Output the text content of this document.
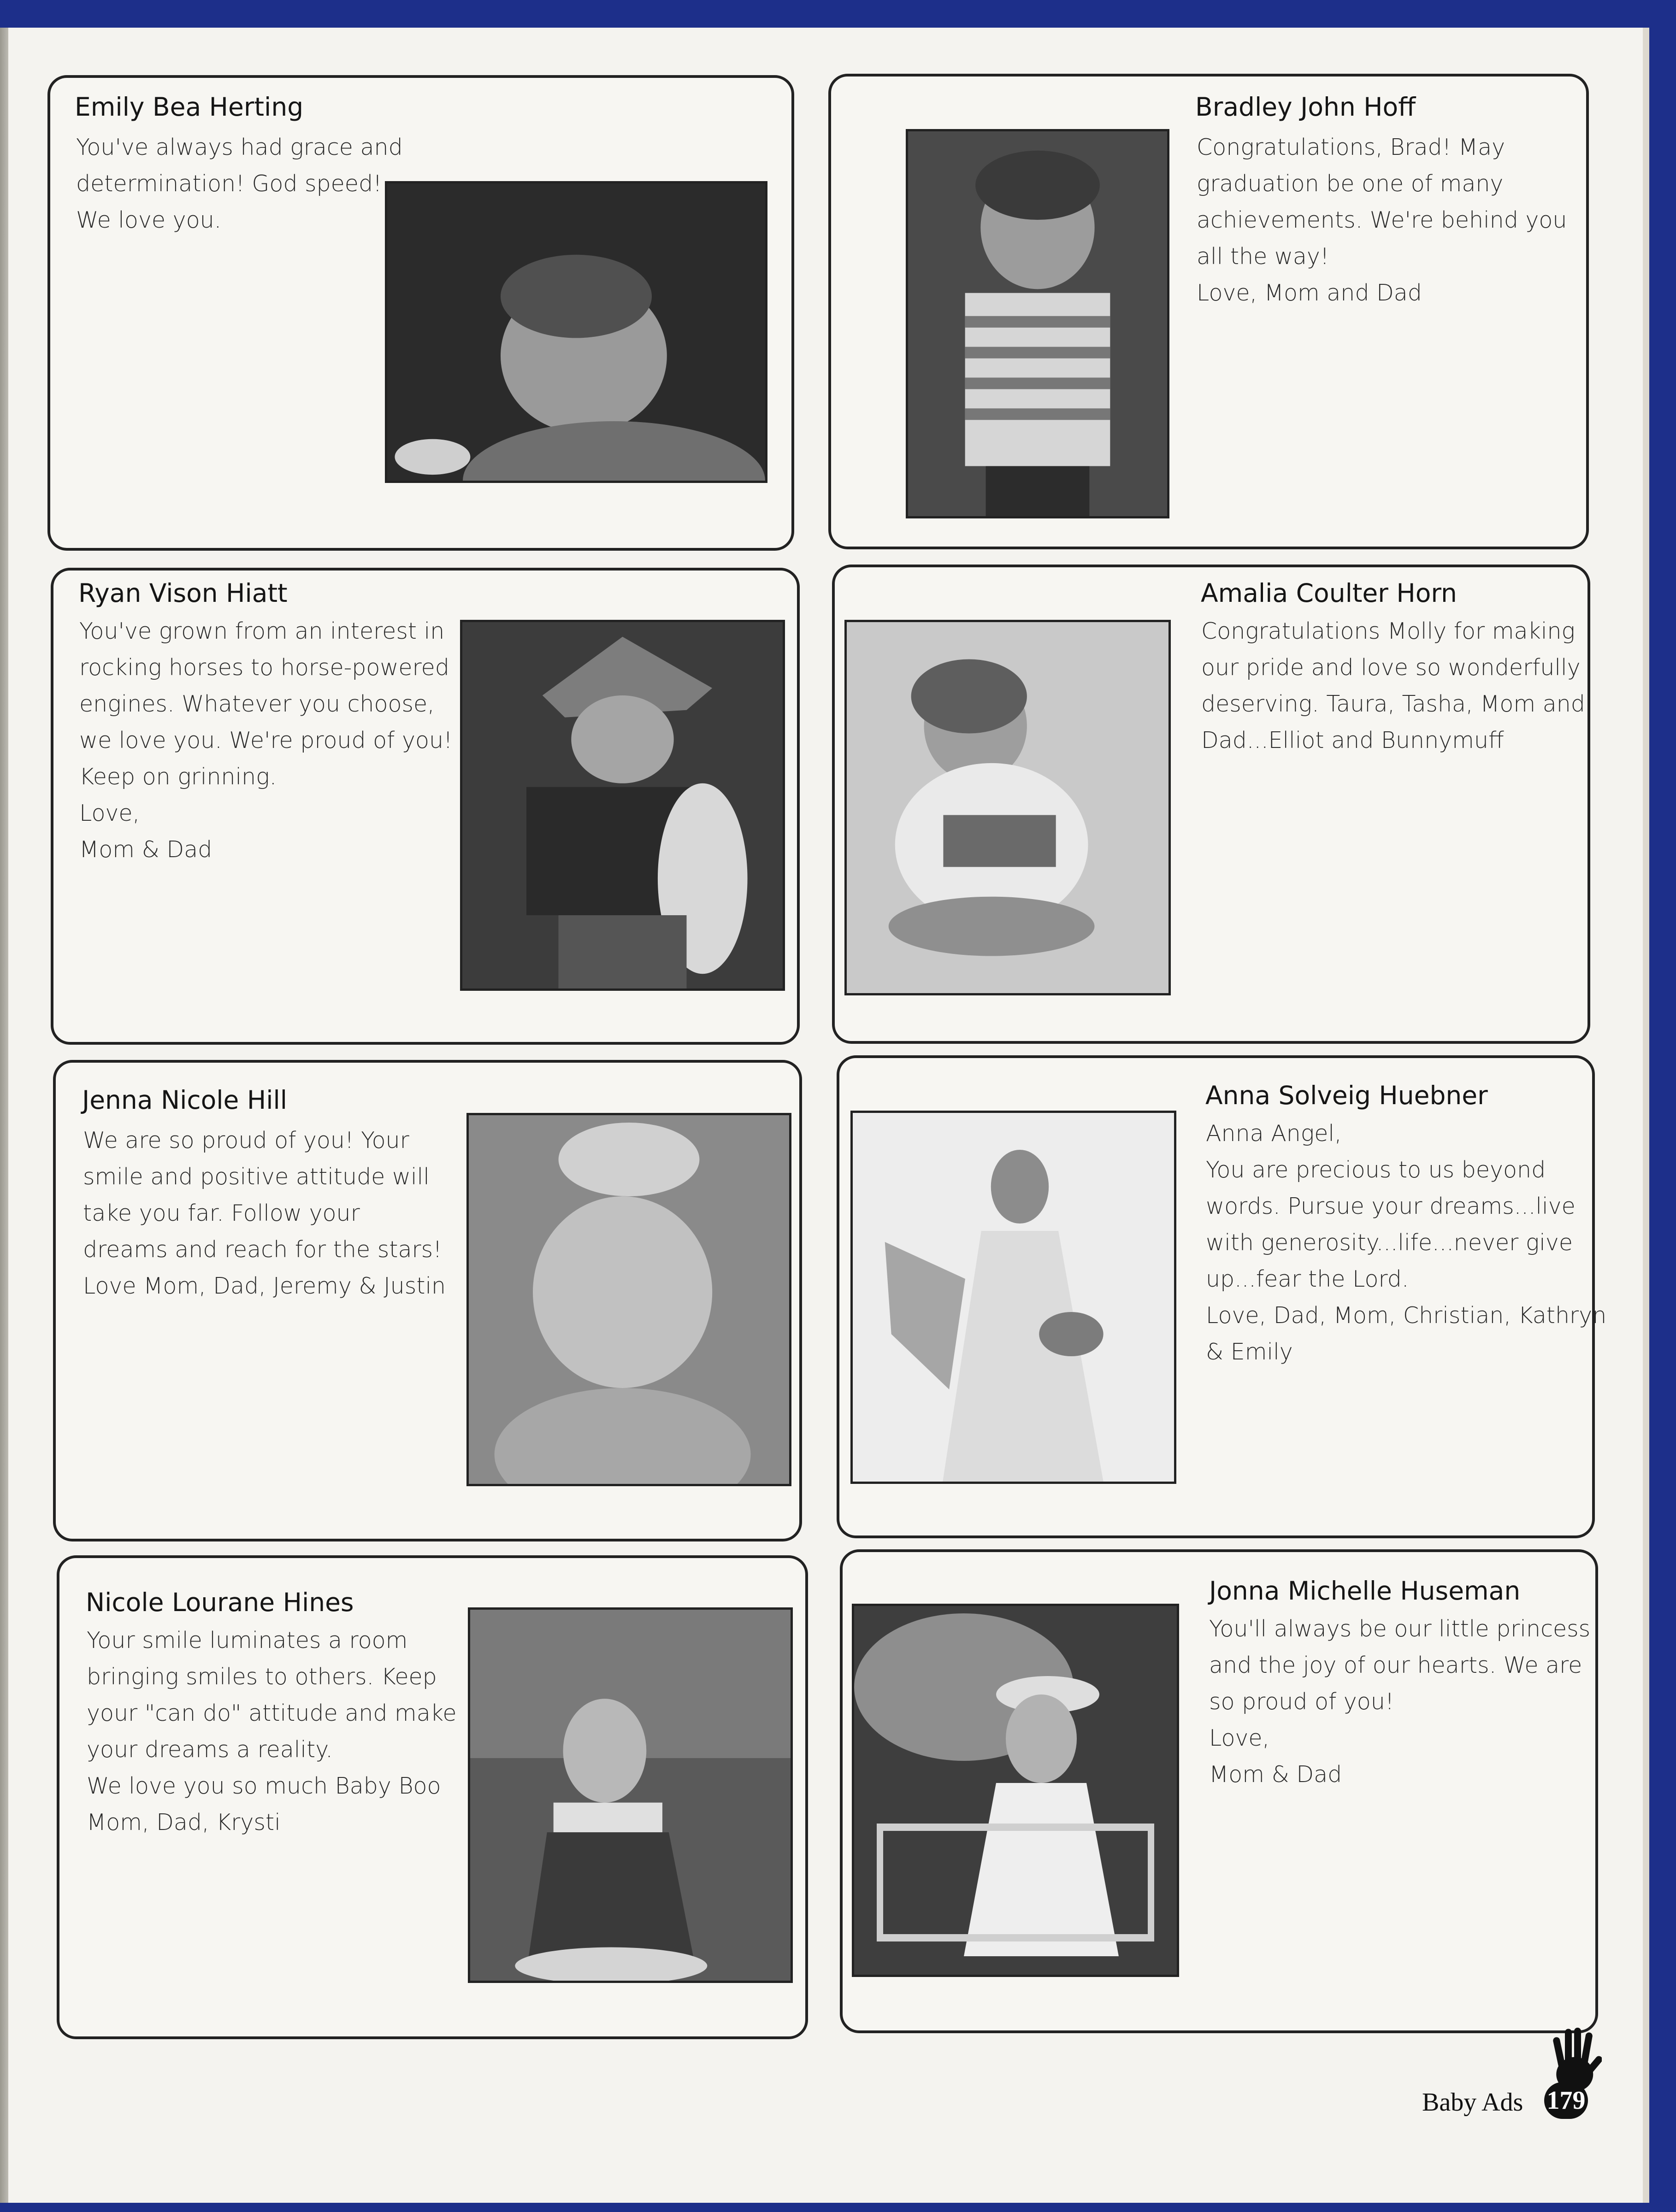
Emily Bea Herting
You've always had grace and
determination! God speed!
We love you.
Bradley John Hoff
Congratulations, Brad! May
graduation be one of many
achievements. We're behind you
all the way!
Love, Mom and Dad
Ryan Vison Hiatt
You've grown from an interest in
rocking horses to horse-powered
engines. Whatever you choose,
we love you. We're proud of you!
Keep on grinning.
Love,
Mom & Dad
Amalia Coulter Horn
Congratulations Molly for making
our pride and love so wonderfully
deserving. Taura, Tasha, Mom and
Dad...Elliot and Bunnymuff
Jenna Nicole Hill
We are so proud of you! Your
smile and positive attitude will
take you far. Follow your
dreams and reach for the stars!
Love Mom, Dad, Jeremy & Justin
Anna Solveig Huebner
Anna Angel,
You are precious to us beyond
words. Pursue your dreams...live
with generosity...life...never give
up...fear the Lord.
Love, Dad, Mom, Christian, Kathryn
& Emily
Nicole Lourane Hines
Your smile luminates a room
bringing smiles to others. Keep
your "can do" attitude and make
your dreams a reality.
We love you so much Baby Boo
Mom, Dad, Krysti
Jonna Michelle Huseman
You'll always be our little princess
and the joy of our hearts. We are
so proud of you!
Love,
Mom & Dad
Baby Ads 179
